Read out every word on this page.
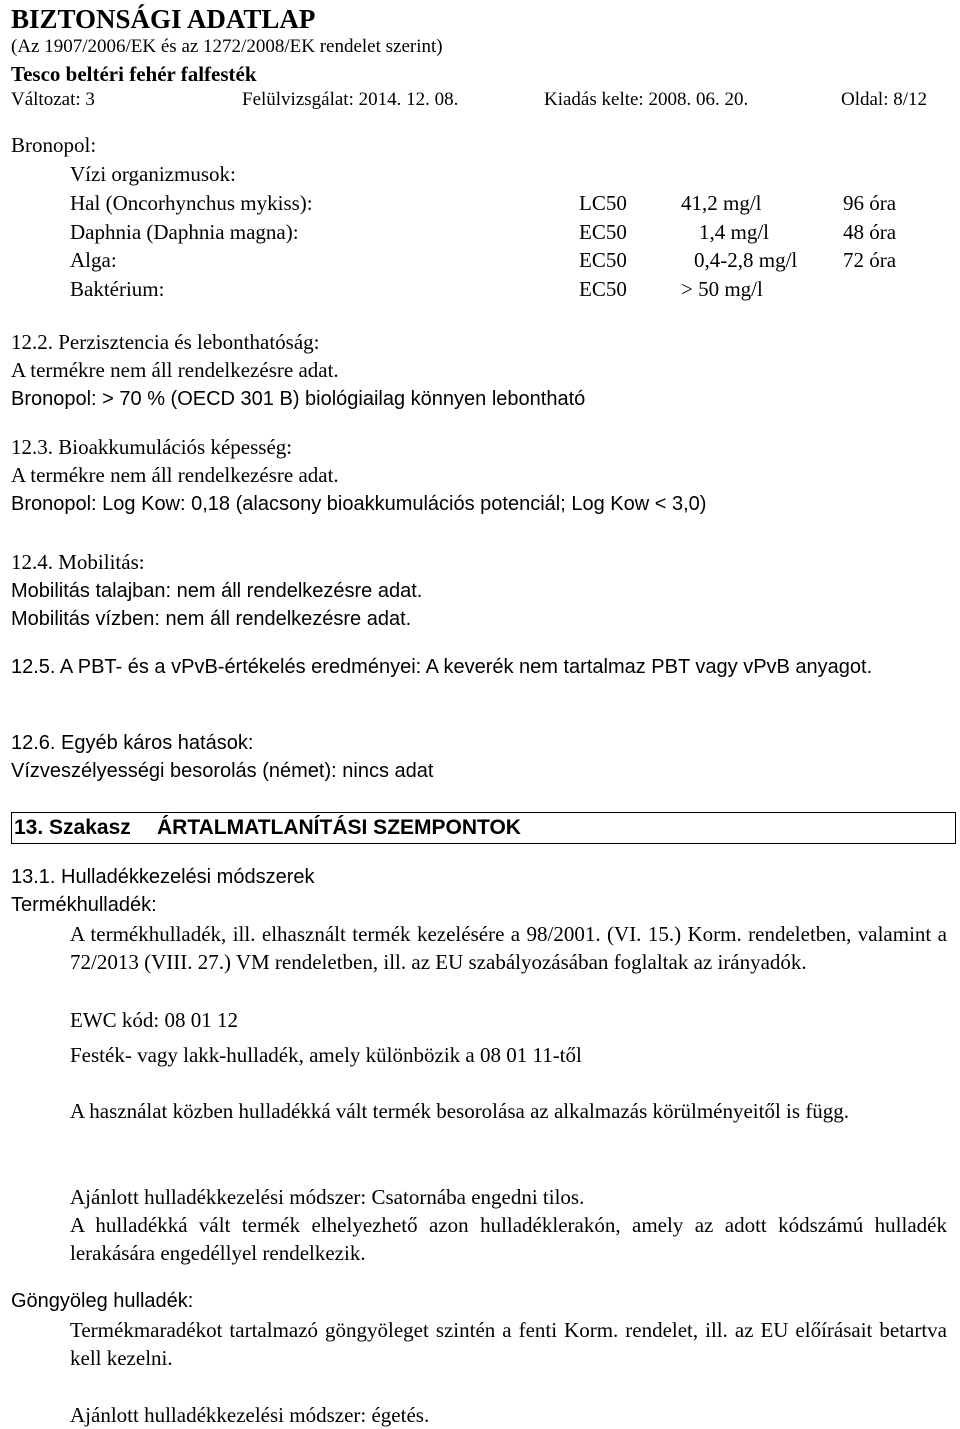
BIZTONSÁGI ADATLAP
(Az 1907/2006/EK és az 1272/2008/EK rendelet szerint)
Tesco beltéri fehér falfesték
Változat: 3	Felülvizsgálat: 2014. 12. 08.	Kiadás kelte: 2008. 06. 20.	Oldal: 8/12
Bronopol:
Vízi organizmusok:
Hal (Oncorhynchus mykiss):	LC50	41,2 mg/l	96 óra
Daphnia (Daphnia magna):	EC50	1,4 mg/l	48 óra
Alga:	EC50	0,4-2,8 mg/l 72 óra
Baktérium:	EC50	> 50 mg/l
12.2. Perzisztencia és lebonthatóság:
A termékre nem áll rendelkezésre adat.
Bronopol: > 70 % (OECD 301 B) biológiailag könnyen lebontható
12.3. Bioakkumulációs képesség:
A termékre nem áll rendelkezésre adat.
Bronopol: Log Kow: 0,18 (alacsony bioakkumulációs potenciál; Log Kow < 3,0)
12.4. Mobilitás:
Mobilitás talajban: nem áll rendelkezésre adat.
Mobilitás vízben: nem áll rendelkezésre adat.
12.5. A PBT- és a vPvB-értékelés eredményei: A keverék nem tartalmaz PBT vagy vPvB anyagot.
12.6. Egyéb káros hatások:
Vízveszélyességi besorolás (német): nincs adat
13. Szakasz ÁRTALMATLANÍTÁSI SZEMPONTOK
13.1. Hulladékkezelési módszerek
Termékhulladék:
A termékhulladék, ill. elhasznált termék kezelésére a 98/2001. (VI. 15.) Korm. rendeletben, valamint a 72/2013 (VIII. 27.) VM rendeletben, ill. az EU szabályozásában foglaltak az irányadók.
EWC kód: 08 01 12
Festék- vagy lakk-hulladék, amely különbözik a 08 01 11-től
A használat közben hulladékká vált termék besorolása az alkalmazás körülményeitől is függ.
Ajánlott hulladékkezelési módszer: Csatornába engedni tilos.
A hulladékká vált termék elhelyezhető azon hulladéklerakón, amely az adott kódszámú hulladék lerakására engedéllyel rendelkezik.
Göngyöleg hulladék:
Termékmaradékot tartalmazó göngyöleget szintén a fenti Korm. rendelet, ill. az EU előírásait betartva kell kezelni.
Ajánlott hulladékkezelési módszer: égetés.
